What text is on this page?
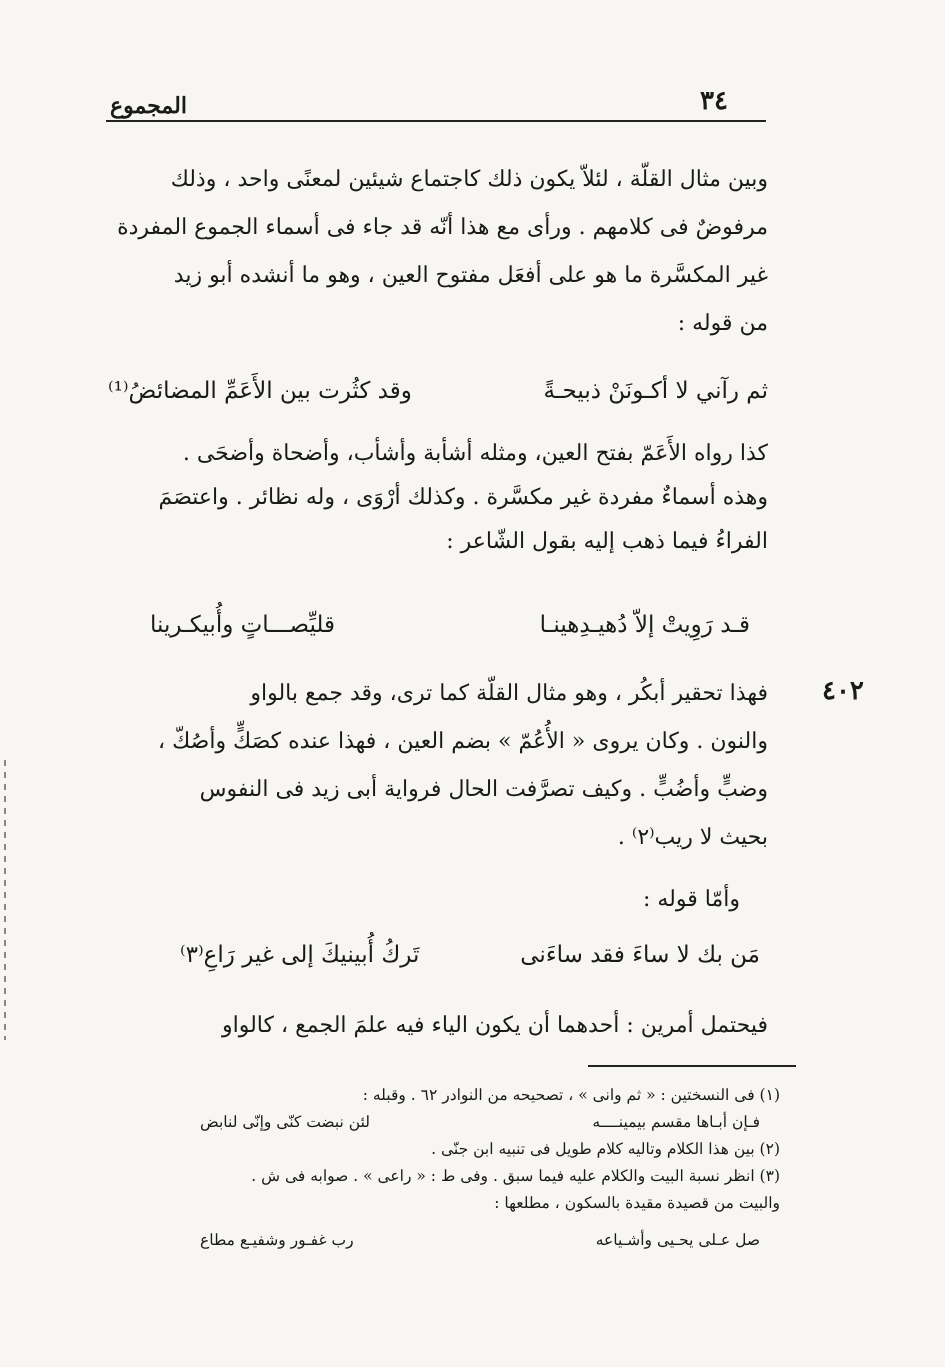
٣٤
المجموع

وبين مثال القلّة ، لئلاّ يكون ذلك كاجتماع شيئين لمعنًى واحد ، وذلك

مرفوضٌ فى كلامهم . ورأى مع هذا أنّه قد جاء فى أسماء الجموع المفردة

غير المكسَّرة ما هو على أفعَل مفتوح العين ، وهو ما أنشده أبو زيد

من قوله :

ثم رآني لا أكـونَنْ ذبيحـةً
وقد كثُرت بين الأَعَمِّ المضائضُ⁽¹⁾

كذا رواه الأَعَمّ بفتح العين، ومثله أشأبة وأشأب، وأضحاة وأضحَى .

وهذه أسماءٌ مفردة غير مكسَّرة . وكذلك أرْوَى ، وله نظائر . واعتصَمَ

الفراءُ فيما ذهب إليه بقول الشّاعر :

قـد رَوِيتْ إلاّ دُهيـدِهينـا
قليِّصـــاتٍ وأُبيكـرينا
٤٠٢

فهذا تحقير أبكُر ، وهو مثال القلّة كما ترى، وقد جمع بالواو

والنون . وكان يروى « الأُعُمّ » بضم العين ، فهذا عنده كصَكٍّ وأصُكّ ،

وضبٍّ وأضُبٍّ . وكيف تصرَّفت الحال فرواية أبى زيد فى النفوس

بحيث لا ريب⁽٢⁾ .

وأمّا قوله :

مَن بك لا ساءَ فقد ساءَنى
تَركُ أُبينيكَ إلى غير رَاعِ⁽٣⁾

فيحتمل أمرين : أحدهما أن يكون الياء فيه علمَ الجمع ، كالواو

(١) فى النسختين : « ثم وانى » ، تصحيحه من النوادر ٦٢ . وقبله :

فـإن أبـاها مقسم بيمينــــه
لئن نبضت كنّى وإنّى لنابض

(٢) بين هذا الكلام وتاليه كلام طويل فى تنبيه ابن جنّى .

(٣) انظر نسبة البيت والكلام عليه فيما سبق . وفى ط : « راعى » . صوابه فى ش .

والبيت من قصيدة مقيدة بالسكون ، مطلعها :

صل عـلى يحـيى وأشـياعه
رب غفـور وشفيـع مطاع
